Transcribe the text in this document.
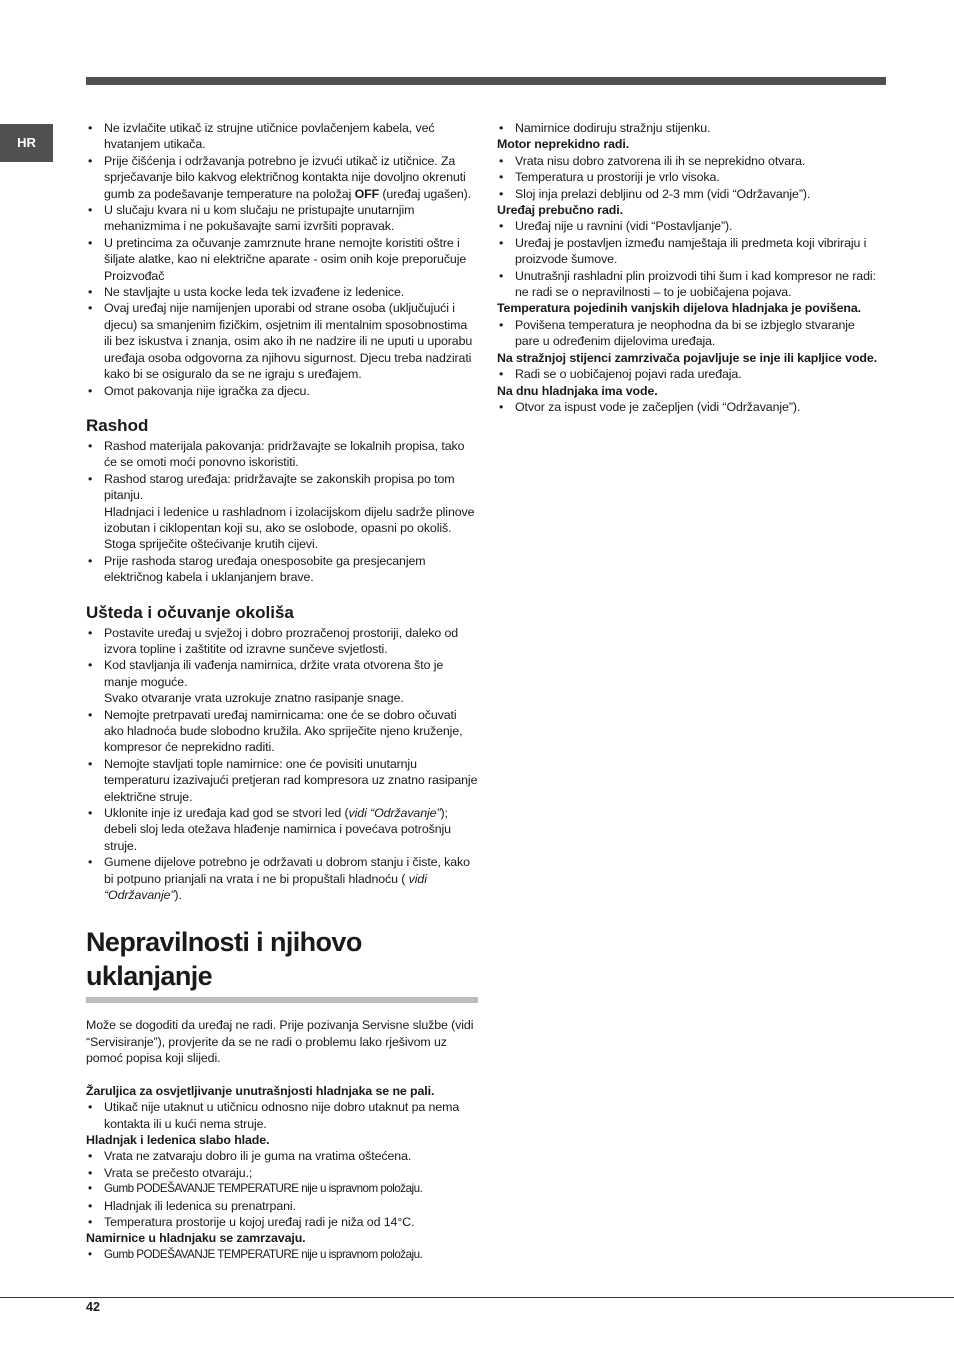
HR
• Ne izvlačite utikač iz strujne utičnice povlačenjem kabela, već hvatanjem utikača.
• Prije čišćenja i održavanja potrebno je izvući utikač iz utičnice. Za sprječavanje bilo kakvog električnog kontakta nije dovoljno okrenuti gumb za podešavanje temperature na položaj OFF (uređaj ugašen).
• U slučaju kvara ni u kom slučaju ne pristupajte unutarnjim mehanizmima i ne pokušavajte sami izvršiti popravak.
• U pretincima za očuvanje zamrznute hrane nemojte koristiti oštre i šiljate alatke, kao ni električne aparate - osim onih koje preporučuje Proizvođač
• Ne stavljajte u usta kocke leda tek izvađene iz ledenice.
• Ovaj uređaj nije namijenjen uporabi od strane osoba (uključujući i djecu) sa smanjenim fizičkim, osjetnim ili mentalnim sposobnostima ili bez iskustva i znanja, osim ako ih ne nadzire ili ne uputi u uporabu uređaja osoba odgovorna za njihovu sigurnost. Djecu treba nadzirati kako bi se osiguralo da se ne igraju s uređajem.
• Omot pakovanja nije igračka za djecu.
Rashod
• Rashod materijala pakovanja: pridržavajte se lokalnih propisa, tako će se omoti moći ponovno iskoristiti.
• Rashod starog uređaja: pridržavajte se zakonskih propisa po tom pitanju.
Hladnjaci i ledenice u rashladnom i izolacijskom dijelu sadrže plinove izobutan i ciklopentan koji su, ako se oslobode, opasni po okoliš. Stoga spriječite oštećivanje krutih cijevi.
• Prije rashoda starog uređaja onesposobite ga presjecanjem električnog kabela i uklanjanjem brave.
Ušteda i očuvanje okoliša
• Postavite uređaj u svježoj i dobro prozračenoj prostoriji, daleko od izvora topline i zaštitite od izravne sunčeve svjetlosti.
• Kod stavljanja ili vađenja namirnica, držite vrata otvorena što je manje moguće.
Svako otvaranje vrata uzrokuje znatno rasipanje snage.
• Nemojte pretrpavati uređaj namirnicama: one će se dobro očuvati ako hladnoća bude slobodno kružila. Ako spriječite njeno kruženje, kompresor će neprekidno raditi.
• Nemojte stavljati tople namirnice: one će povisiti unutarnju temperaturu izazivajući pretjeran rad kompresora uz znatno rasipanje električne struje.
• Uklonite inje iz uređaja kad god se stvori led (vidi “Održavanje”); debeli sloj leda otežava hlađenje namirnica i povećava potrošnju struje.
• Gumene dijelove potrebno je održavati u dobrom stanju i čiste, kako bi potpuno prianjali na vrata i ne bi propuštali hladnoću ( vidi “Održavanje”).
Nepravilnosti i njihovo
uklanjanje

Može se dogoditi da uređaj ne radi. Prije pozivanja Servisne službe (vidi “Servisiranje”), provjerite da se ne radi o problemu lako rješivom uz pomoć popisa koji slijedi.

Žaruljica za osvjetljivanje unutrašnjosti hladnjaka se ne pali.

• Utikač nije utaknut u utičnicu odnosno nije dobro utaknut pa nema kontakta ili u kući nema struje.

Hladnjak i ledenica slabo hlade.

• Vrata ne zatvaraju dobro ili je guma na vratima oštećena.
• Vrata se prečesto otvaraju.;
• Gumb PODEŠAVANJE TEMPERATURE nije u ispravnom položaju.
• Hladnjak ili ledenica su prenatrpani.
• Temperatura prostorije u kojoj uređaj radi je niža od 14°C.

Namirnice u hladnjaku se zamrzavaju.

• Gumb PODEŠAVANJE TEMPERATURE nije u ispravnom položaju.
• Namirnice dodiruju stražnju stijenku.

Motor neprekidno radi.

• Vrata nisu dobro zatvorena ili ih se neprekidno otvara.
• Temperatura u prostoriji je vrlo visoka.
• Sloj inja prelazi debljinu od 2-3 mm (vidi “Održavanje”).

Uređaj prebučno radi.

• Uređaj nije u ravnini (vidi “Postavljanje”).
• Uređaj je postavljen između namještaja ili predmeta koji vibriraju i proizvode šumove.
• Unutrašnji rashladni plin proizvodi tihi šum i kad kompresor ne radi: ne radi se o nepravilnosti – to je uobičajena pojava.

Temperatura pojedinih vanjskih dijelova hladnjaka je povišena.

• Povišena temperatura je neophodna da bi se izbjeglo stvaranje pare u određenim dijelovima uređaja.

Na stražnjoj stijenci zamrzivača pojavljuje se inje ili kapljice vode.

• Radi se o uobičajenoj pojavi rada uređaja.

Na dnu hladnjaka ima vode.

• Otvor za ispust vode je začepljen (vidi “Održavanje”).
42
